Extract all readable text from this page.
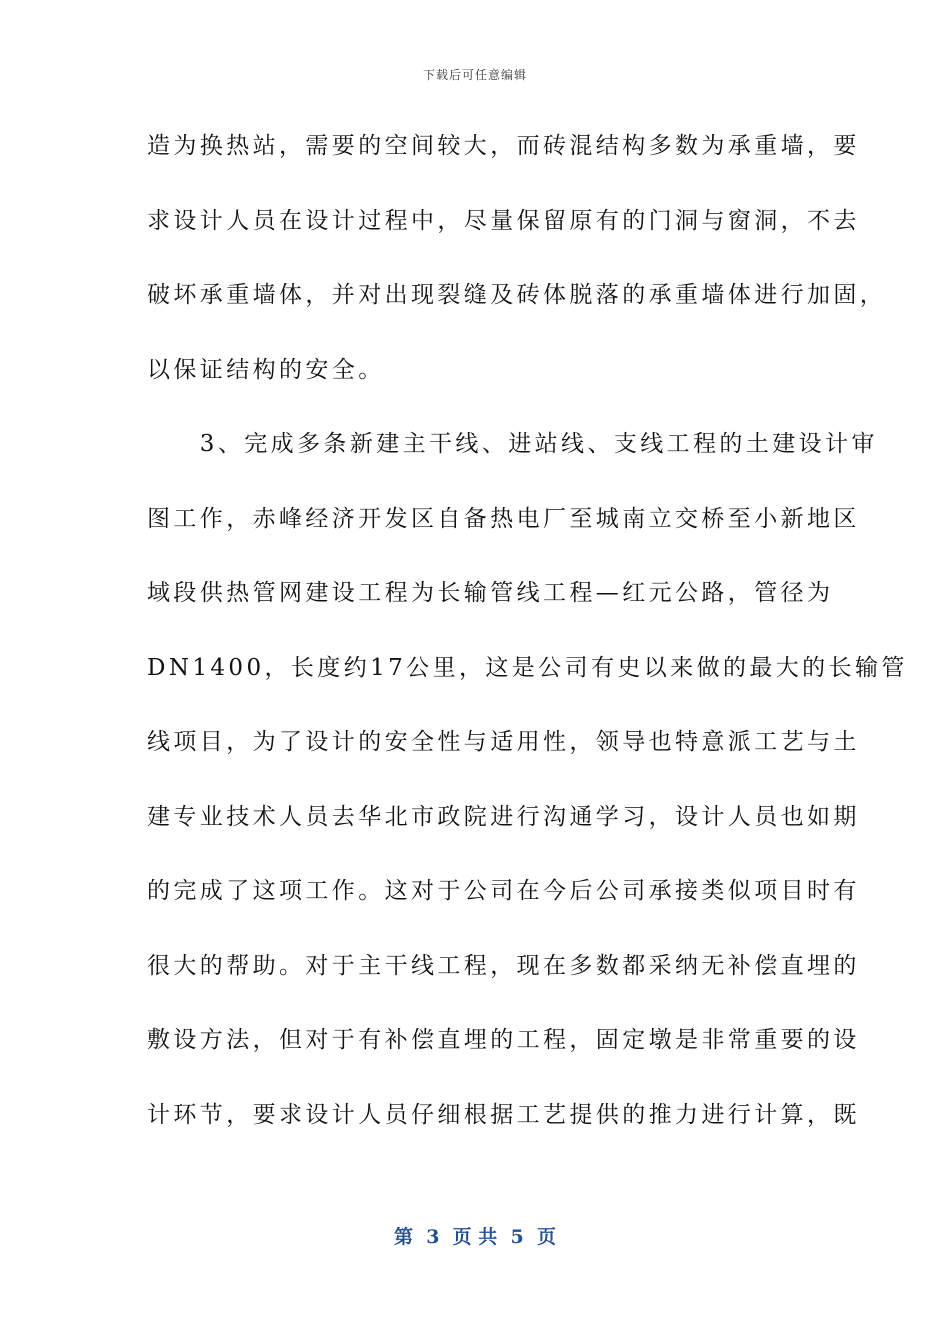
下载后可任意编辑
造为换热站，需要的空间较大，而砖混结构多数为承重墙，要
求设计人员在设计过程中，尽量保留原有的门洞与窗洞，不去
破坏承重墙体，并对出现裂缝及砖体脱落的承重墙体进行加固，
以保证结构的安全。
　　3、完成多条新建主干线、进站线、支线工程的土建设计审
图工作，赤峰经济开发区自备热电厂至城南立交桥至小新地区
域段供热管网建设工程为长输管线工程—红元公路，管径为
DN1400，长度约17公里，这是公司有史以来做的最大的长输管
线项目，为了设计的安全性与适用性，领导也特意派工艺与土
建专业技术人员去华北市政院进行沟通学习，设计人员也如期
的完成了这项工作。这对于公司在今后公司承接类似项目时有
很大的帮助。对于主干线工程，现在多数都采纳无补偿直埋的
敷设方法，但对于有补偿直埋的工程，固定墩是非常重要的设
计环节，要求设计人员仔细根据工艺提供的推力进行计算，既
第  3  页 共  5  页
